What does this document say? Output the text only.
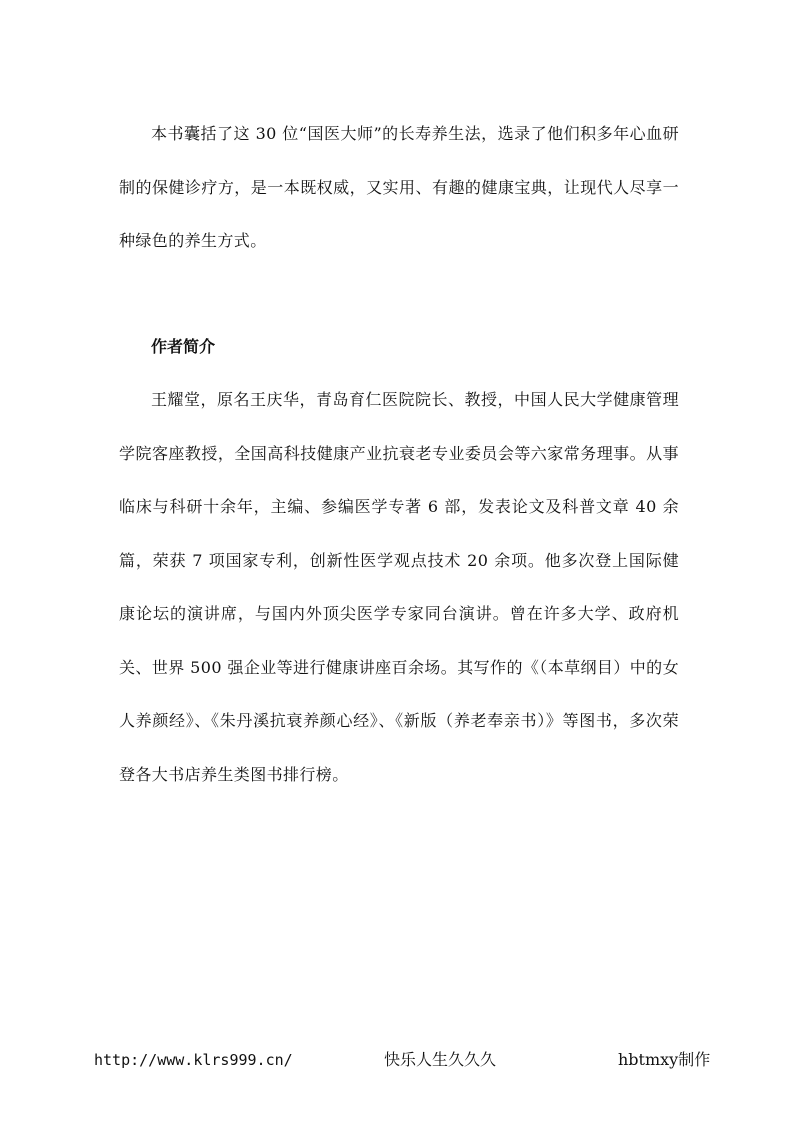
本书囊括了这 30 位“国医大师”的长寿养生法，选录了他们积多年心血研制的保健诊疗方，是一本既权威，又实用、有趣的健康宝典，让现代人尽享一种绿色的养生方式。

作者简介

王耀堂，原名王庆华，青岛育仁医院院长、教授，中国人民大学健康管理学院客座教授，全国高科技健康产业抗衰老专业委员会等六家常务理事。从事临床与科研十余年，主编、参编医学专著 6 部，发表论文及科普文章 40 余篇，荣获 7 项国家专利，创新性医学观点技术 20 余项。他多次登上国际健康论坛的演讲席，与国内外顶尖医学专家同台演讲。曾在许多大学、政府机关、世界 500 强企业等进行健康讲座百余场。其写作的《（本草纲目）中的女人养颜经》、《朱丹溪抗衰养颜心经》、《新版（养老奉亲书）》等图书，多次荣登各大书店养生类图书排行榜。

http://www.klrs999.cn/	快乐人生久久久	hbtmxy制作
